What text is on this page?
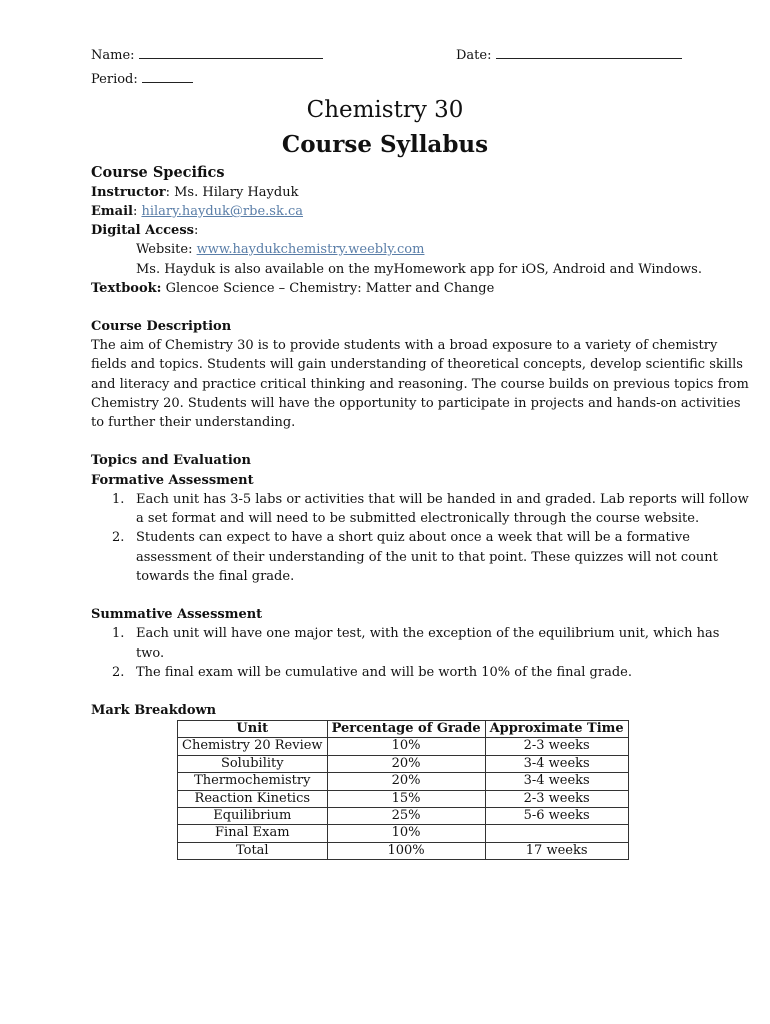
Name:	Date:
Period:
Chemistry 30
Course Syllabus
Course Specifics
Instructor: Ms. Hilary Hayduk
Email: hilary.hayduk@rbe.sk.ca
Digital Access:
Website: www.haydukchemistry.weebly.com
Ms. Hayduk is also available on the myHomework app for iOS, Android and Windows.
Textbook: Glencoe Science – Chemistry: Matter and Change
Course Description
The aim of Chemistry 30 is to provide students with a broad exposure to a variety of chemistry
fields and topics. Students will gain understanding of theoretical concepts, develop scientific skills
and literacy and practice critical thinking and reasoning. The course builds on previous topics from
Chemistry 20. Students will have the opportunity to participate in projects and hands-on activities
to further their understanding.
Topics and Evaluation
Formative Assessment
1. Each unit has 3-5 labs or activities that will be handed in and graded. Lab reports will follow
a set format and will need to be submitted electronically through the course website.
2. Students can expect to have a short quiz about once a week that will be a formative
assessment of their understanding of the unit to that point. These quizzes will not count
towards the final grade.
Summative Assessment
1. Each unit will have one major test, with the exception of the equilibrium unit, which has
two.
2. The final exam will be cumulative and will be worth 10% of the final grade.
Mark Breakdown
Unit	Percentage of Grade	Approximate Time
Chemistry 20 Review	10%	2-3 weeks
Solubility	20%	3-4 weeks
Thermochemistry	20%	3-4 weeks
Reaction Kinetics	15%	2-3 weeks
Equilibrium	25%	5-6 weeks
Final Exam	10%	
Total	100%	17 weeks
